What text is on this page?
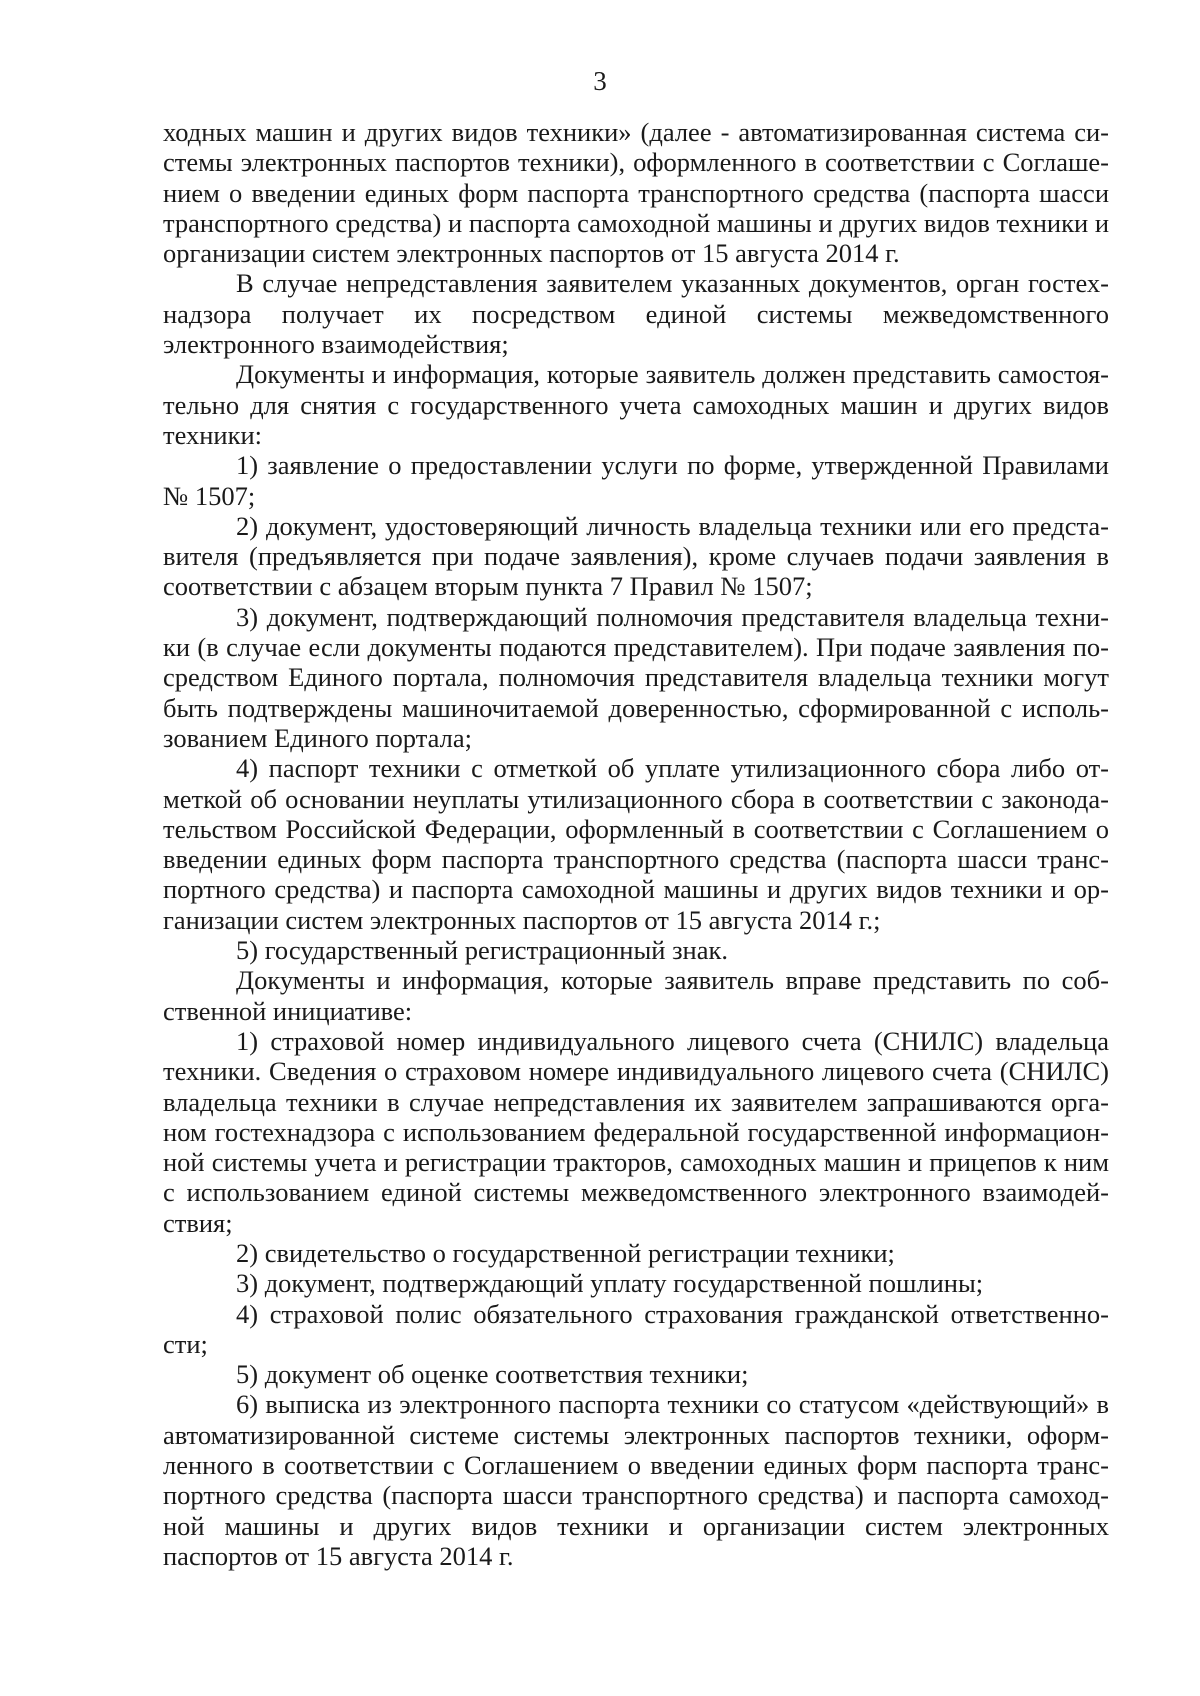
3

ходных машин и других видов техники» (далее - автоматизированная система системы электронных паспортов техники), оформленного в соответствии с Соглашением о введении единых форм паспорта транспортного средства (паспорта шасси транспортного средства) и паспорта самоходной машины и других видов техники и организации систем электронных паспортов от 15 августа 2014 г.

В случае непредставления заявителем указанных документов, орган гостехнадзора получает их посредством единой системы межведомственного электронного взаимодействия;

Документы и информация, которые заявитель должен представить самостоятельно для снятия с государственного учета самоходных машин и других видов техники:

1) заявление о предоставлении услуги по форме, утвержденной Правилами № 1507;

2) документ, удостоверяющий личность владельца техники или его представителя (предъявляется при подаче заявления), кроме случаев подачи заявления в соответствии с абзацем вторым пункта 7 Правил № 1507;

3) документ, подтверждающий полномочия представителя владельца техники (в случае если документы подаются представителем). При подаче заявления посредством Единого портала, полномочия представителя владельца техники могут быть подтверждены машиночитаемой доверенностью, сформированной с использованием Единого портала;

4) паспорт техники с отметкой об уплате утилизационного сбора либо отметкой об основании неуплаты утилизационного сбора в соответствии с законодательством Российской Федерации, оформленный в соответствии с Соглашением о введении единых форм паспорта транспортного средства (паспорта шасси транспортного средства) и паспорта самоходной машины и других видов техники и организации систем электронных паспортов от 15 августа 2014 г.;

5) государственный регистрационный знак.

Документы и информация, которые заявитель вправе представить по собственной инициативе:

1) страховой номер индивидуального лицевого счета (СНИЛС) владельца техники. Сведения о страховом номере индивидуального лицевого счета (СНИЛС) владельца техники в случае непредставления их заявителем запрашиваются органом гостехнадзора с использованием федеральной государственной информационной системы учета и регистрации тракторов, самоходных машин и прицепов к ним с использованием единой системы межведомственного электронного взаимодействия;

2) свидетельство о государственной регистрации техники;

3) документ, подтверждающий уплату государственной пошлины;

4) страховой полис обязательного страхования гражданской ответственности;

5) документ об оценке соответствия техники;

6) выписка из электронного паспорта техники со статусом «действующий» в автоматизированной системе системы электронных паспортов техники, оформленного в соответствии с Соглашением о введении единых форм паспорта транспортного средства (паспорта шасси транспортного средства) и паспорта самоходной машины и других видов техники и организации систем электронных паспортов от 15 августа 2014 г.
